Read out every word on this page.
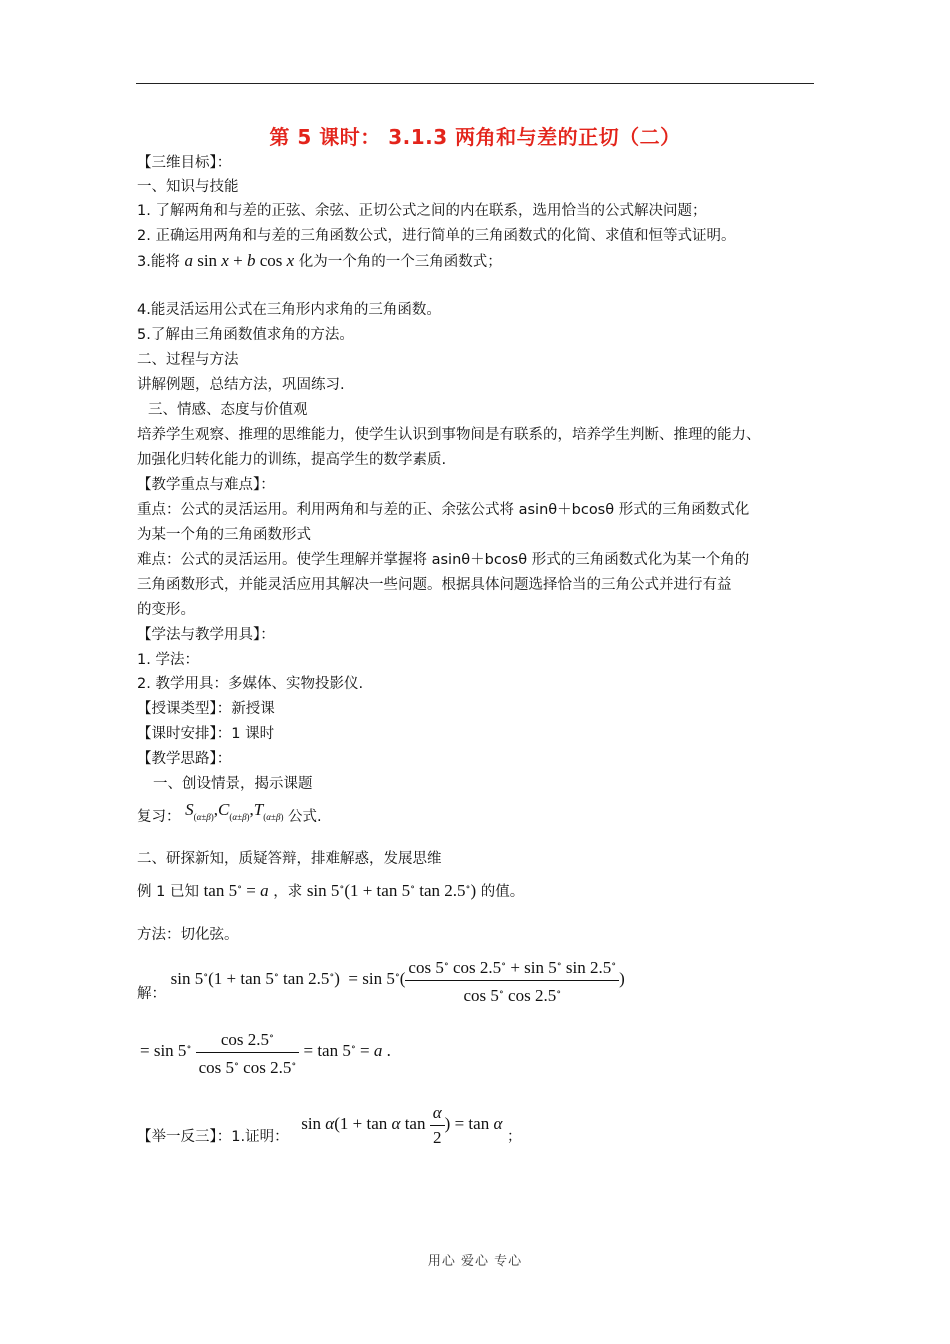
第 5 课时： 3.1.3 两角和与差的正切（二）
【三维目标】：
一、知识与技能
1. 了解两角和与差的正弦、余弦、正切公式之间的内在联系，选用恰当的公式解决问题；
2. 正确运用两角和与差的三角函数公式，进行简单的三角函数式的化简、求值和恒等式证明。
3.能将 a sin x + b cos x 化为一个角的一个三角函数式；
4.能灵活运用公式在三角形内求角的三角函数。
5.了解由三角函数值求角的方法。
二、过程与方法
讲解例题，总结方法，巩固练习.
三、情感、态度与价值观
培养学生观察、推理的思维能力，使学生认识到事物间是有联系的，培养学生判断、推理的能力、
加强化归转化能力的训练，提高学生的数学素质.
【教学重点与难点】：
重点：公式的灵活运用。利用两角和与差的正、余弦公式将 asinθ＋bcosθ 形式的三角函数式化
为某一个角的三角函数形式
难点：公式的灵活运用。使学生理解并掌握将 asinθ＋bcosθ 形式的三角函数式化为某一个角的
三角函数形式，并能灵活应用其解决一些问题。根据具体问题选择恰当的三角公式并进行有益
的变形。
【学法与教学用具】：
1. 学法：
2. 教学用具：多媒体、实物投影仪.
【授课类型】：新授课
【课时安排】：1 课时
【教学思路】：
一、创设情景，揭示课题
复习： $S_{(\alpha\pm\beta)},C_{(\alpha\pm\beta)},T_{(\alpha\pm\beta)}$ 公式.
二、研探新知，质疑答辩，排难解惑，发展思维
例 1 已知 tan 5∘ = a ，求 sin 5∘(1 + tan 5∘ tan 2.5∘) 的值。
方法：切化弦。
解： sin 5∘(1 + tan 5∘ $\tan 2.5^\circ) = \sin 5^\circ( \frac{\cos 5^\circ \cos 2.5^\circ + \sin 5^\circ \sin 2.5^\circ}{\cos 5^\circ \cos 2.5^\circ}$ )
= $\sin 5^\circ \frac{\cos 2.5^\circ}{\cos 5^\circ \cos 2.5^\circ} = \tan 5^\circ = a$ .
【举一反三】：1.证明： sin α(1 + tan α $\tan \frac{\alpha}{2}$ ) = tan α ；
用心 爱心 专心
